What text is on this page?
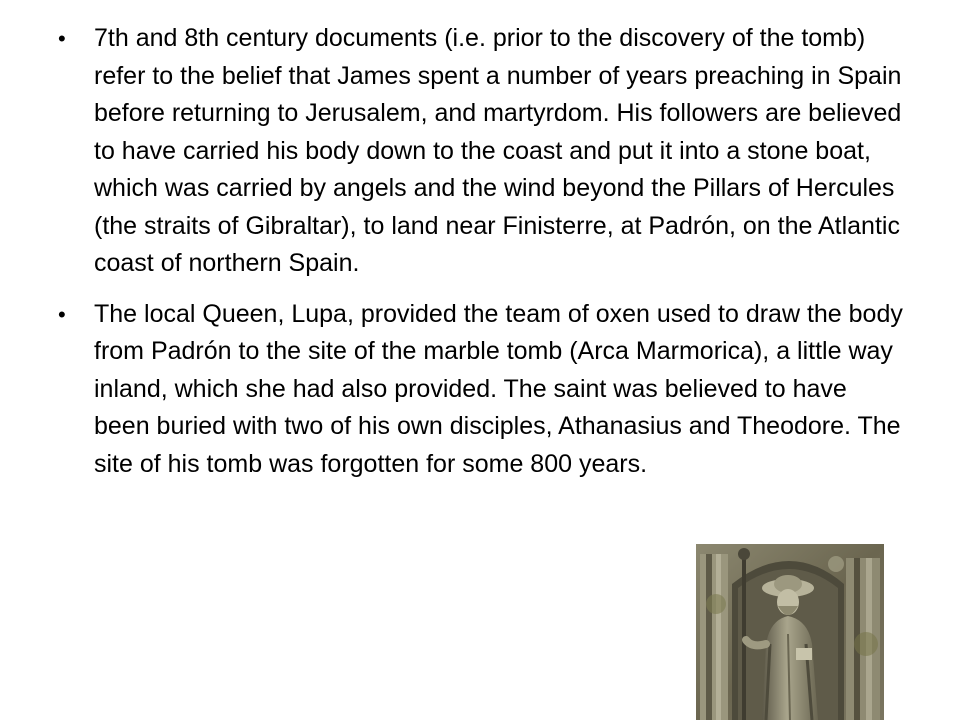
• 7th and 8th century documents (i.e. prior to the discovery of the tomb) refer to the belief that James spent a number of years preaching in Spain before returning to Jerusalem, and martyrdom. His followers are believed to have carried his body down to the coast and put it into a stone boat, which was carried by angels and the wind beyond the Pillars of Hercules (the straits of Gibraltar), to land near Finisterre, at Padrón, on the Atlantic coast of northern Spain.
• The local Queen, Lupa, provided the team of oxen used to draw the body from Padrón to the site of the marble tomb (Arca Marmorica), a little way inland, which she had also provided. The saint was believed to have been buried with two of his own disciples, Athanasius and Theodore. The site of his tomb was forgotten for some 800 years.
